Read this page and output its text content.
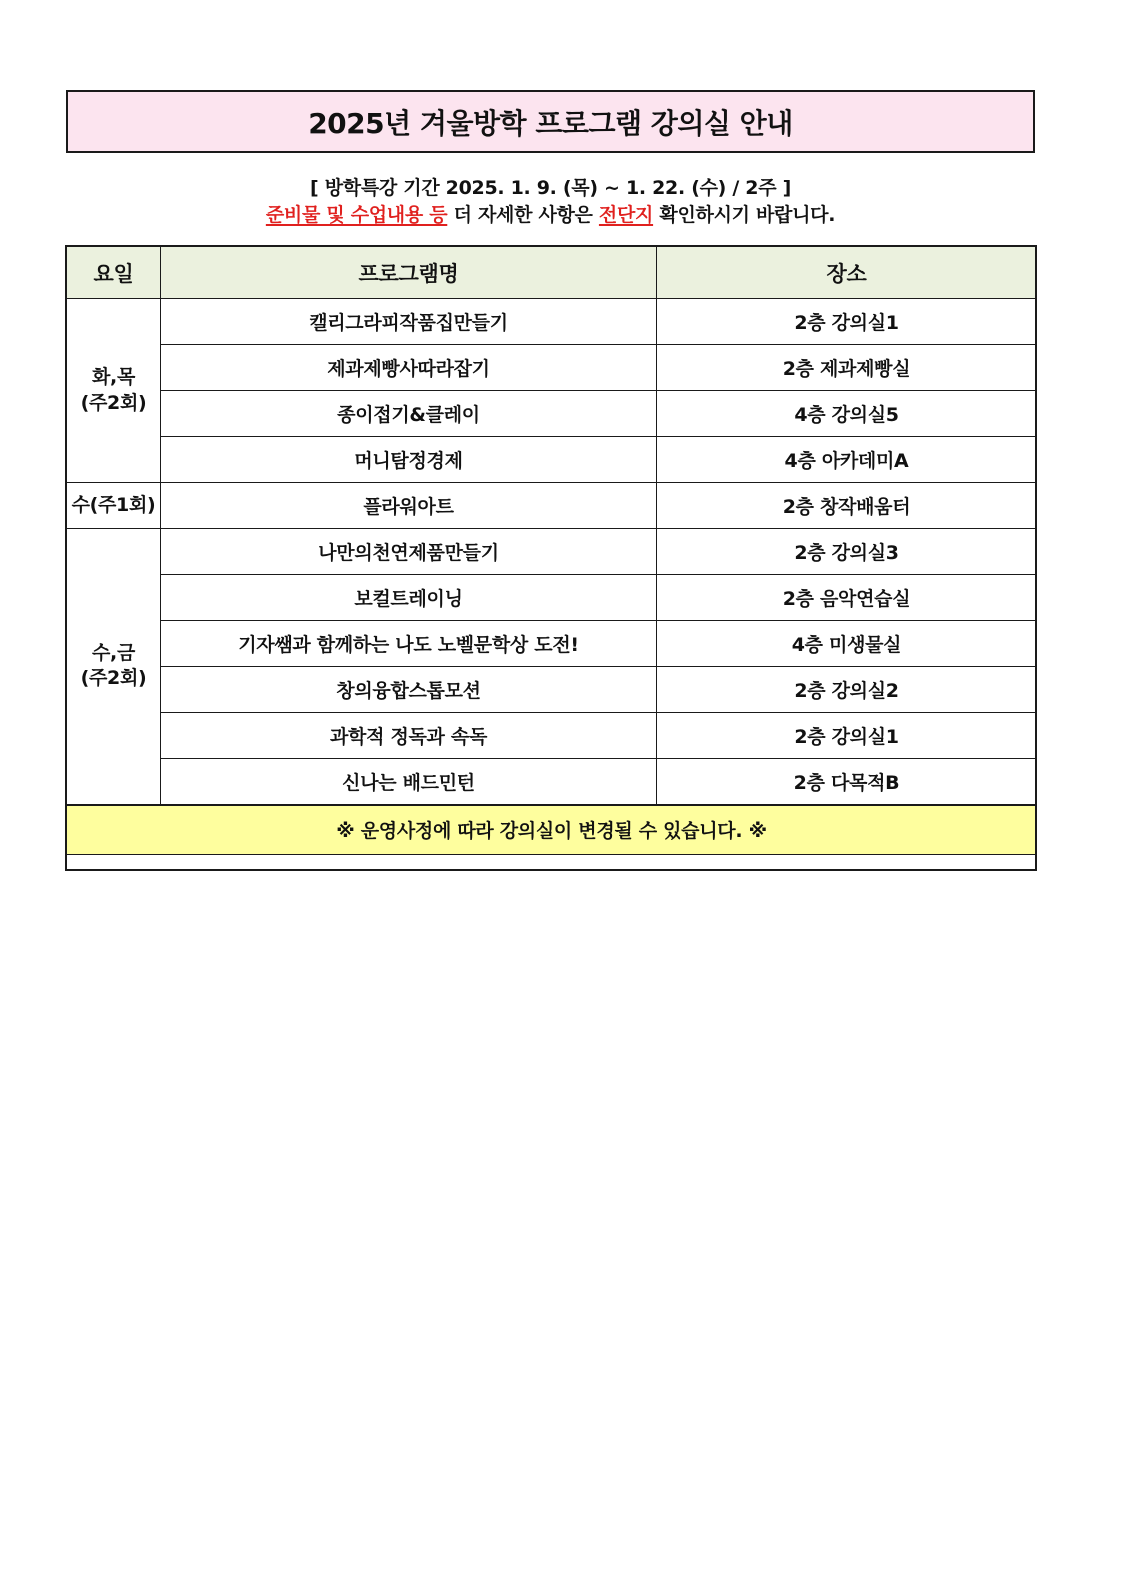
2025년 겨울방학 프로그램 강의실 안내
[ 방학특강 기간 2025. 1. 9. (목) ~ 1. 22. (수) / 2주 ]
준비물 및 수업내용 등 더 자세한 사항은 전단지 확인하시기 바랍니다.
요일	프로그램명	장소

화,목
(주2회)	캘리그라피작품집만들기	2층 강의실1
	제과제빵사따라잡기	2층 제과제빵실
	종이접기&클레이	4층 강의실5
	머니탐정경제	4층 아카데미A
수(주1회)	플라워아트	2층 창작배움터

수,금
(주2회)	나만의천연제품만들기	2층 강의실3
	보컬트레이닝	2층 음악연습실
	기자쌤과 함께하는 나도 노벨문학상 도전!	4층 미생물실
	창의융합스톱모션	2층 강의실2
	과학적 정독과 속독	2층 강의실1
	신나는 배드민턴	2층 다목적B
※ 운영사정에 따라 강의실이 변경될 수 있습니다. ※		
